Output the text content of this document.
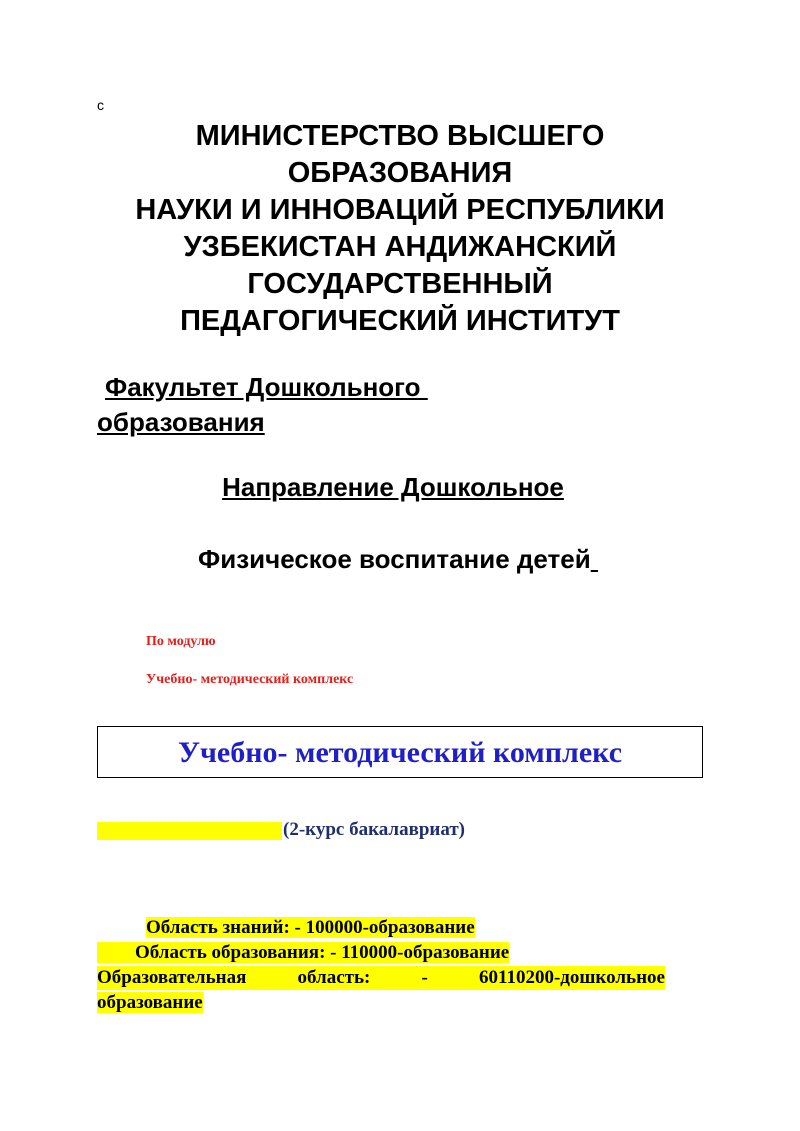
с
МИНИСТЕРСТВО ВЫСШЕГО
ОБРАЗОВАНИЯ
НАУКИ И ИННОВАЦИЙ РЕСПУБЛИКИ
УЗБЕКИСТАН АНДИЖАНСКИЙ
ГОСУДАРСТВЕННЫЙ
ПЕДАГОГИЧЕСКИЙ ИНСТИТУТ
Факультет Дошкольного
образования
Направление Дошкольное
Физическое воспитание детей
По модулю
Учебно- методический комплекс
Учебно- методический комплекс
(2-курс бакалавриат)
Область знаний: - 100000-образование
Область образования: - 110000-образование
Образовательная	область:	-	60110200-дошкольное
образование
